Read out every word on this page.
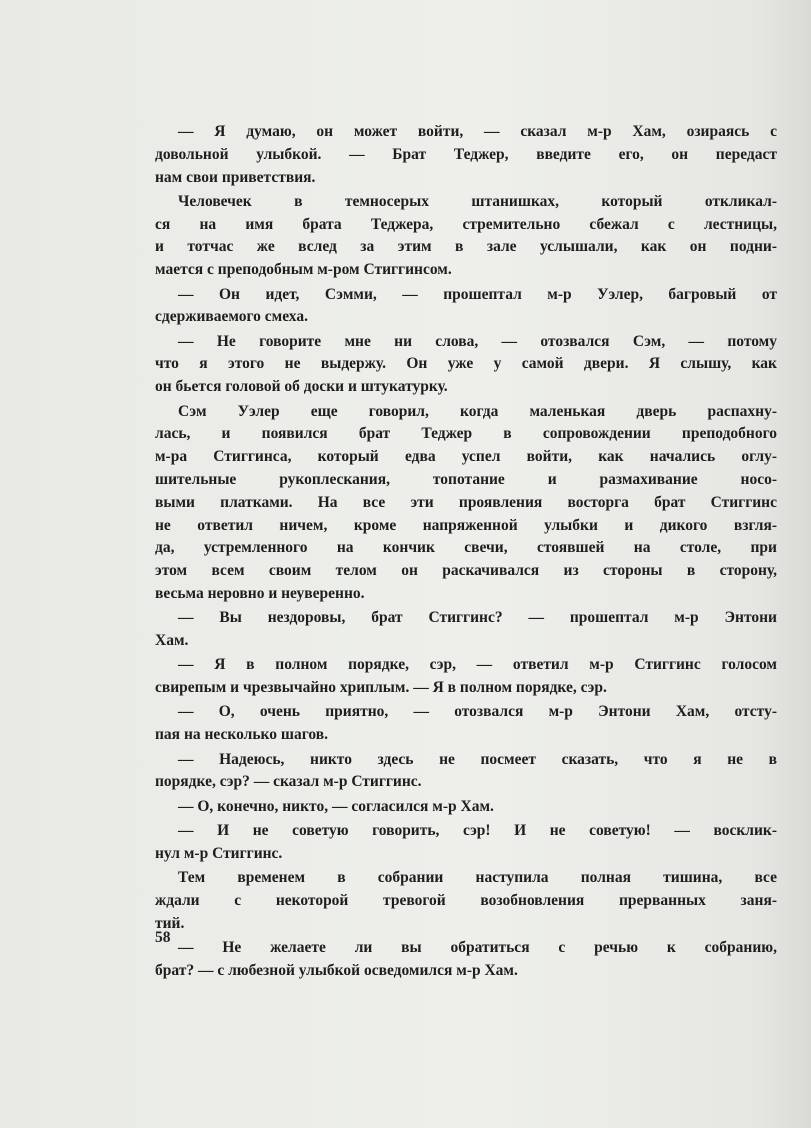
— Я думаю, он может войти, — сказал м-р Хам, озираясь с
довольной улыбкой. — Брат Теджер, введите его, он передаст
нам свои приветствия.
Человечек в темносерых штанишках, который откликал-
ся на имя брата Теджера, стремительно сбежал с лестницы,
и тотчас же вслед за этим в зале услышали, как он подни-
мается с преподобным м-ром Стиггинсом.
— Он идет, Сэмми, — прошептал м-р Уэлер, багровый от
сдерживаемого смеха.
— Не говорите мне ни слова, — отозвался Сэм, — потому
что я этого не выдержу. Он уже у самой двери. Я слышу, как
он бьется головой об доски и штукатурку.
Сэм Уэлер еще говорил, когда маленькая дверь распахну-
лась, и появился брат Теджер в сопровождении преподобного
м-ра Стиггинса, который едва успел войти, как начались оглу-
шительные рукоплескания, топотание и размахивание носо-
выми платками. На все эти проявления восторга брат Стиггинс
не ответил ничем, кроме напряженной улыбки и дикого взгля-
да, устремленного на кончик свечи, стоявшей на столе, при
этом всем своим телом он раскачивался из стороны в сторону,
весьма неровно и неуверенно.
— Вы нездоровы, брат Стиггинс? — прошептал м-р Энтони
Хам.
— Я в полном порядке, сэр, — ответил м-р Стиггинс голосом
свирепым и чрезвычайно хриплым. — Я в полном порядке, сэр.
— О, очень приятно, — отозвался м-р Энтони Хам, отсту-
пая на несколько шагов.
— Надеюсь, никто здесь не посмеет сказать, что я не в
порядке, сэр? — сказал м-р Стиггинс.
— О, конечно, никто, — согласился м-р Хам.
— И не советую говорить, сэр! И не советую! — восклик-
нул м-р Стиггинс.
Тем временем в собрании наступила полная тишина, все
ждали с некоторой тревогой возобновления прерванных заня-
тий.
— Не желаете ли вы обратиться с речью к собранию,
брат? — с любезной улыбкой осведомился м-р Хам.
58
